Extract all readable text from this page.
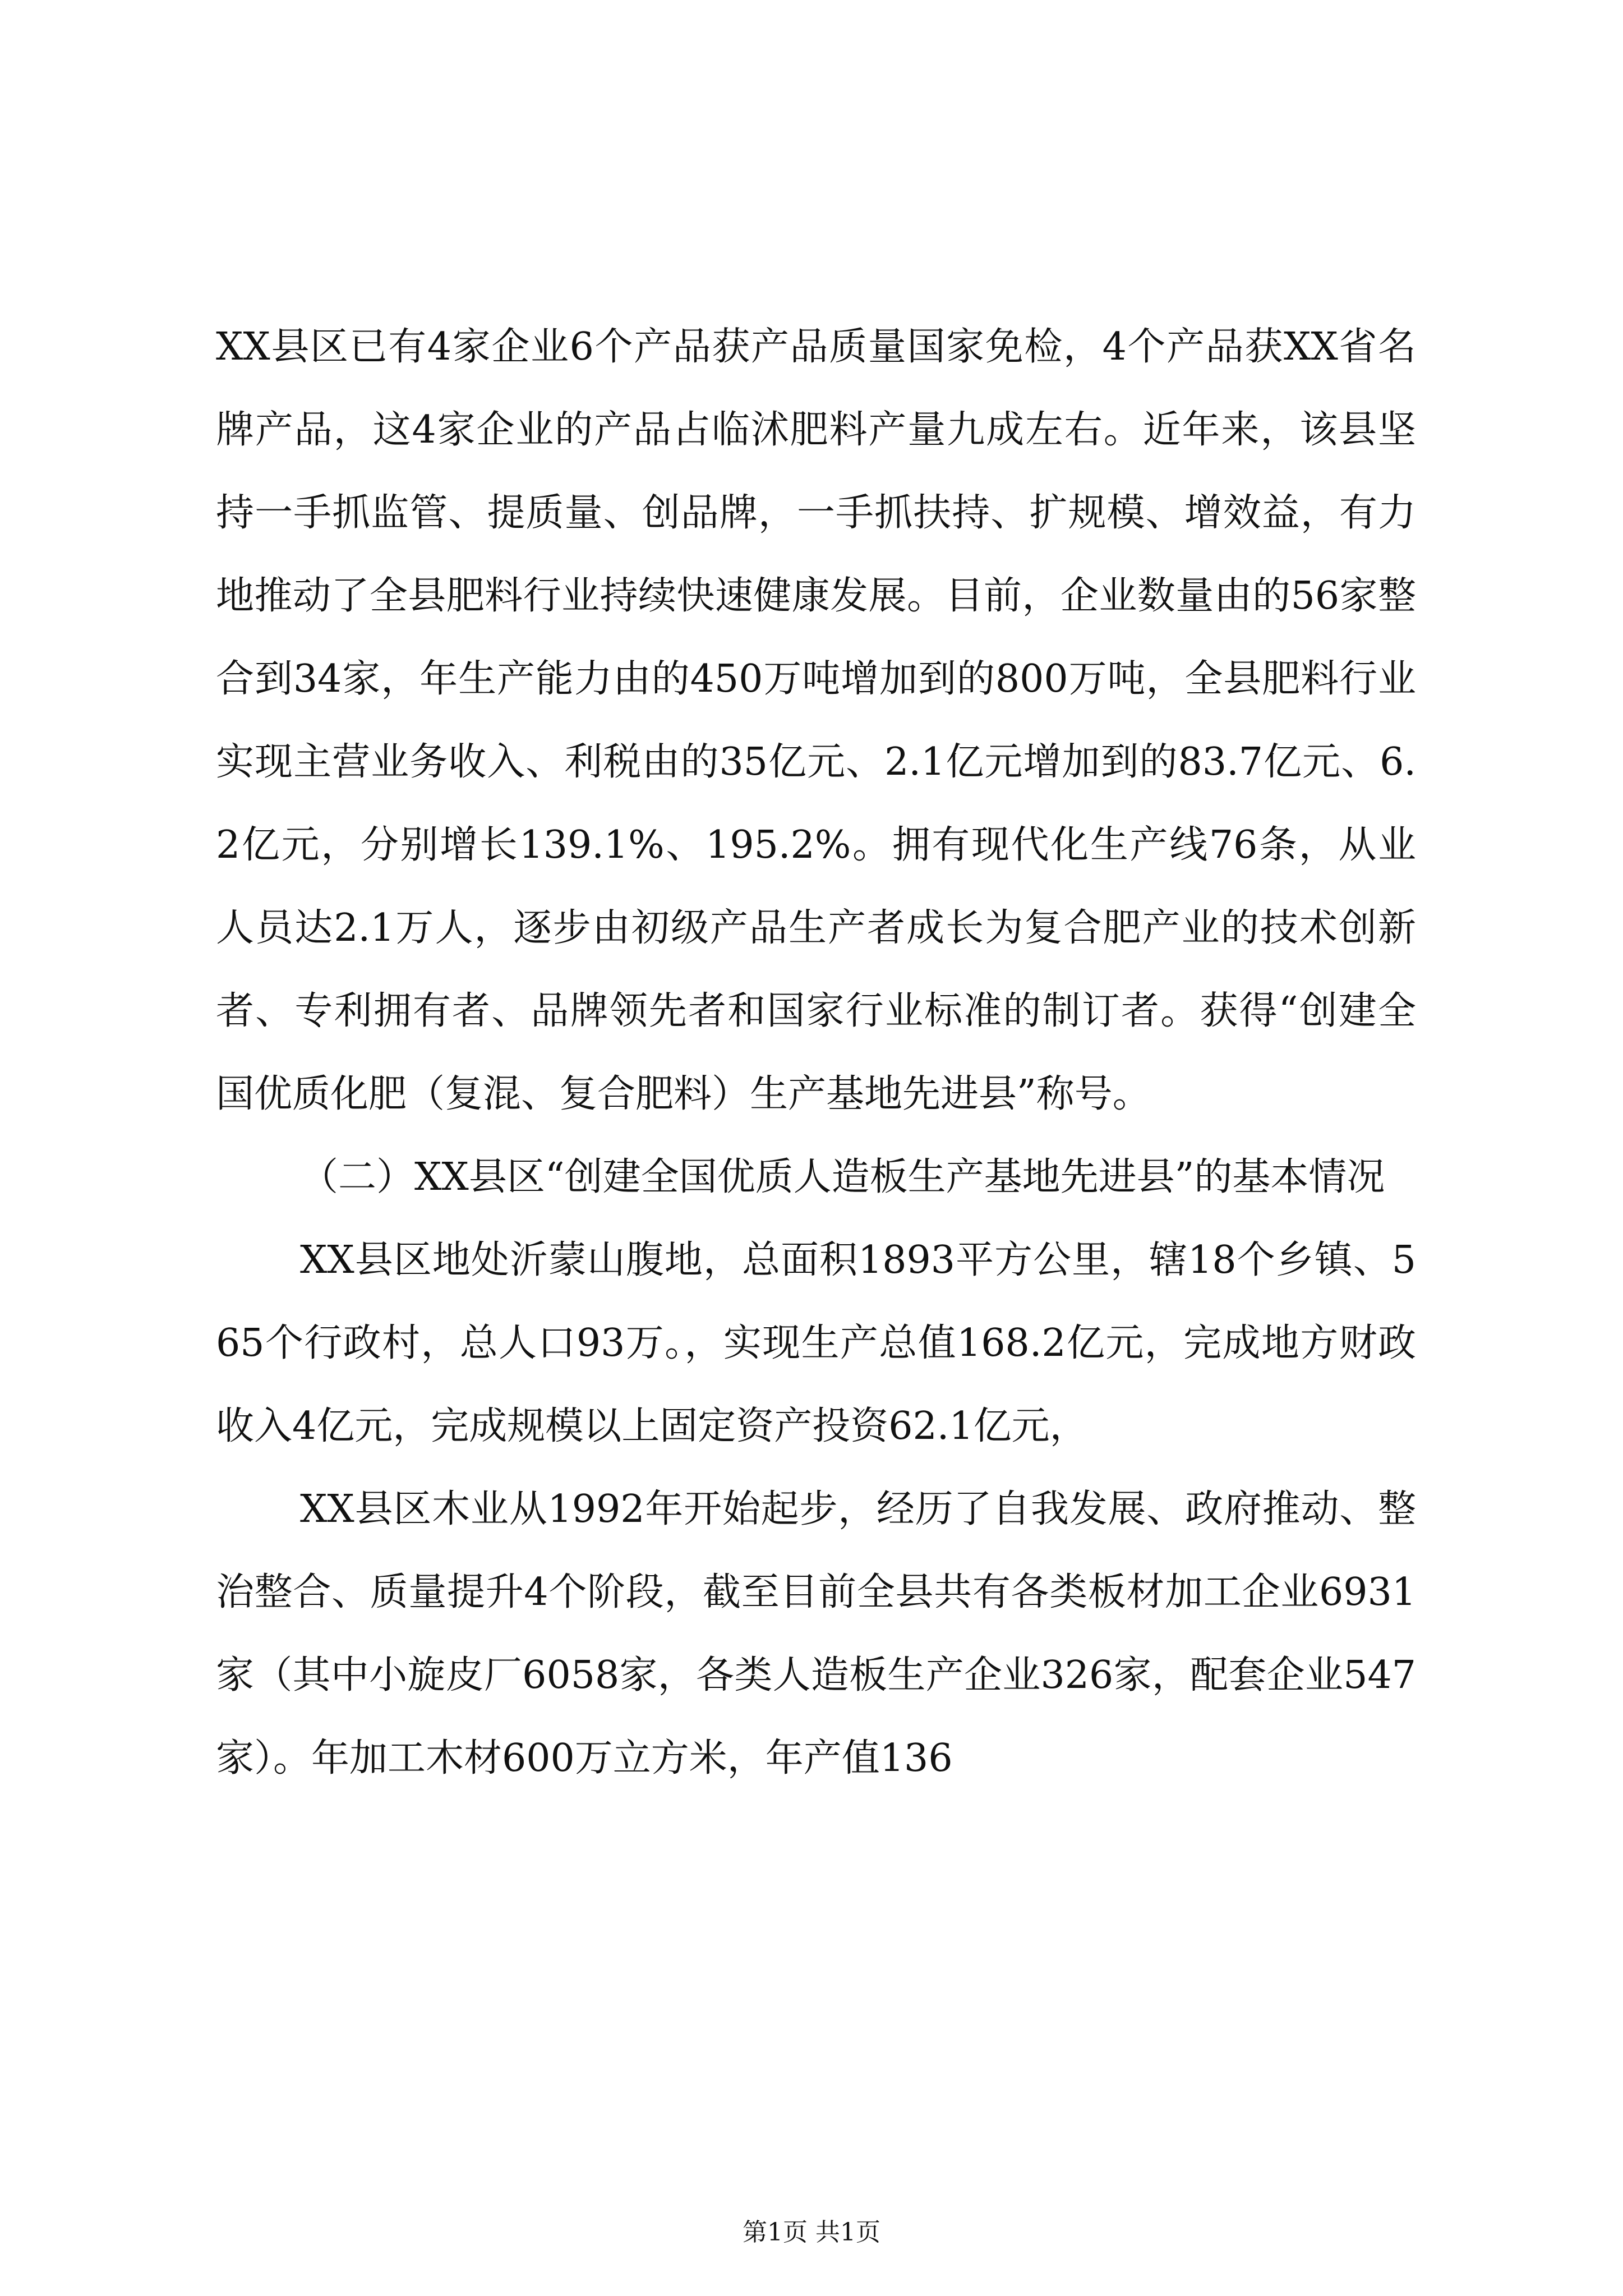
XX县区已有4家企业6个产品获产品质量国家免检，4个产品获XX省名牌产品，这4家企业的产品占临沭肥料产量九成左右。近年来，该县坚持一手抓监管、提质量、创品牌，一手抓扶持、扩规模、增效益，有力地推动了全县肥料行业持续快速健康发展。目前，企业数量由的56家整合到34家，年生产能力由的450万吨增加到的800万吨，全县肥料行业实现主营业务收入、利税由的35亿元、2.1亿元增加到的83.7亿元、6.2亿元，分别增长139.1%、195.2%。拥有现代化生产线76条，从业人员达2.1万人，逐步由初级产品生产者成长为复合肥产业的技术创新者、专利拥有者、品牌领先者和国家行业标准的制订者。获得“创建全国优质化肥（复混、复合肥料）生产基地先进县”称号。

（二）XX县区“创建全国优质人造板生产基地先进县”的基本情况

XX县区地处沂蒙山腹地，总面积1893平方公里，辖18个乡镇、565个行政村，总人口93万。，实现生产总值168.2亿元，完成地方财政收入4亿元，完成规模以上固定资产投资62.1亿元，

XX县区木业从1992年开始起步，经历了自我发展、政府推动、整治整合、质量提升4个阶段，截至目前全县共有各类板材加工企业6931家（其中小旋皮厂6058家，各类人造板生产企业326家，配套企业547家）。年加工木材600万立方米，年产值136

第1页 共1页
